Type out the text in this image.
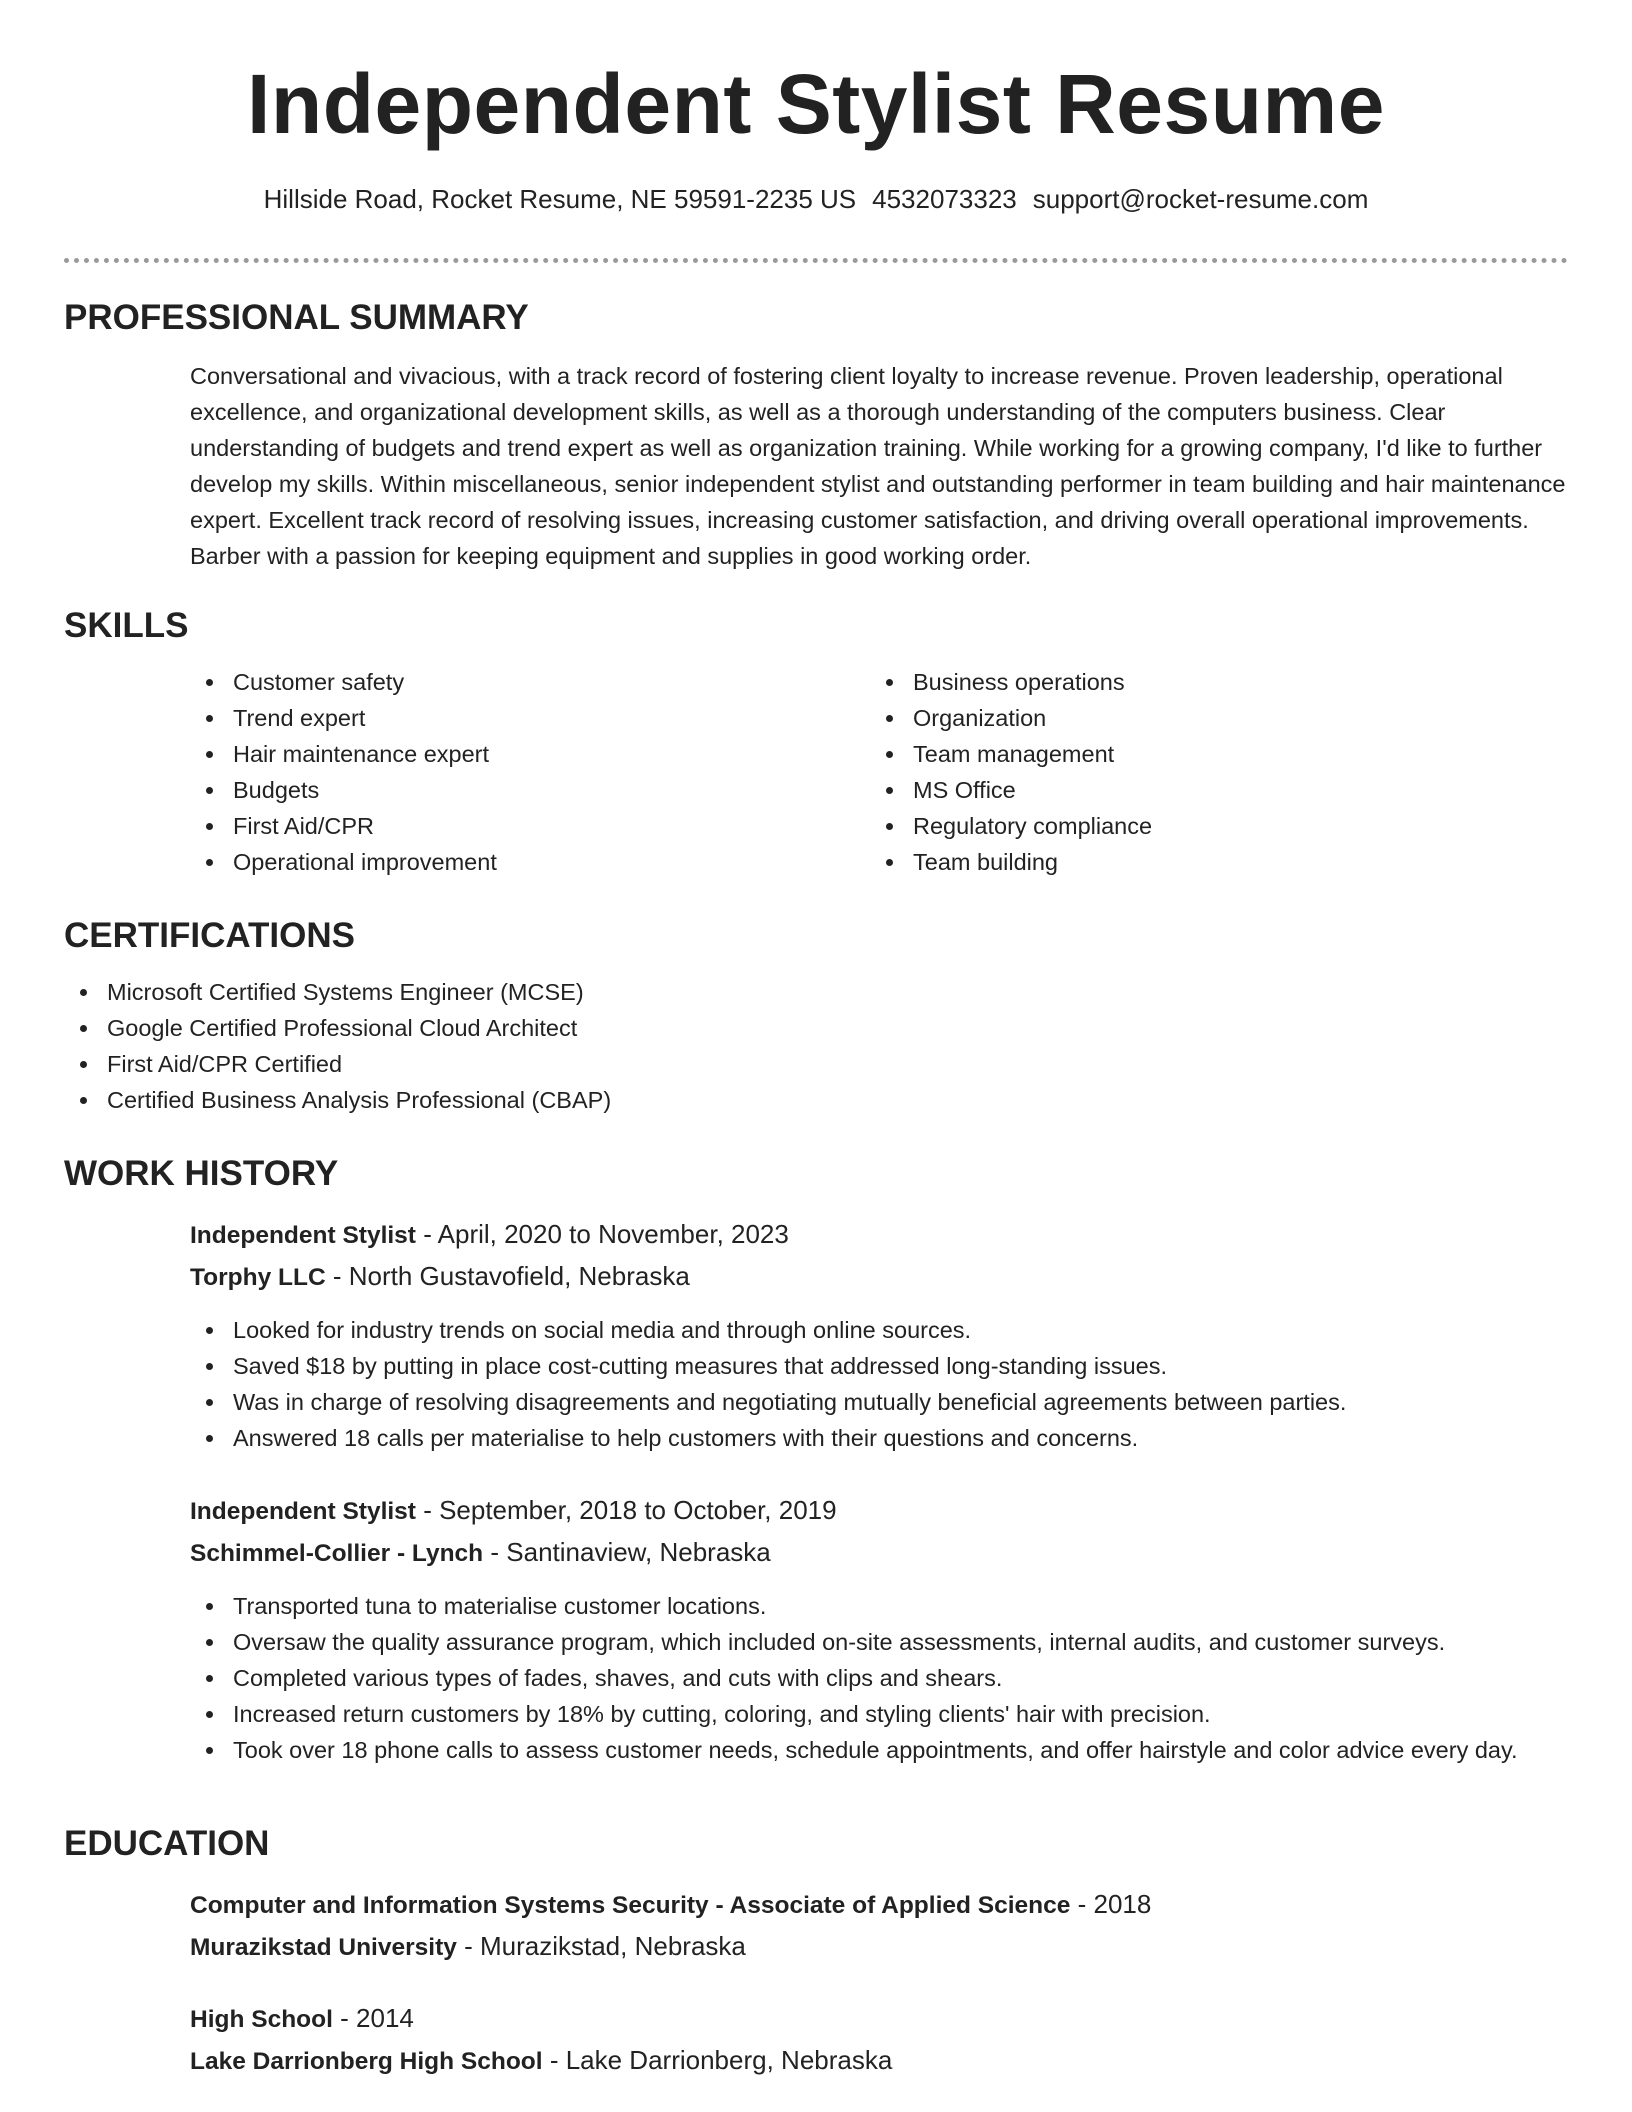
Independent Stylist Resume
Hillside Road, Rocket Resume, NE 59591-2235 US 4532073323 support@rocket-resume.com
PROFESSIONAL SUMMARY
Conversational and vivacious, with a track record of fostering client loyalty to increase revenue. Proven leadership, operational excellence, and organizational development skills, as well as a thorough understanding of the computers business. Clear understanding of budgets and trend expert as well as organization training. While working for a growing company, I'd like to further develop my skills. Within miscellaneous, senior independent stylist and outstanding performer in team building and hair maintenance expert. Excellent track record of resolving issues, increasing customer satisfaction, and driving overall operational improvements. Barber with a passion for keeping equipment and supplies in good working order.
SKILLS
Customer safety
Trend expert
Hair maintenance expert
Budgets
First Aid/CPR
Operational improvement
Business operations
Organization
Team management
MS Office
Regulatory compliance
Team building
CERTIFICATIONS
Microsoft Certified Systems Engineer (MCSE)
Google Certified Professional Cloud Architect
First Aid/CPR Certified
Certified Business Analysis Professional (CBAP)
WORK HISTORY
Independent Stylist - April, 2020 to November, 2023
Torphy LLC - North Gustavofield, Nebraska
Looked for industry trends on social media and through online sources.
Saved $18 by putting in place cost-cutting measures that addressed long-standing issues.
Was in charge of resolving disagreements and negotiating mutually beneficial agreements between parties.
Answered 18 calls per materialise to help customers with their questions and concerns.
Independent Stylist - September, 2018 to October, 2019
Schimmel-Collier - Lynch - Santinaview, Nebraska
Transported tuna to materialise customer locations.
Oversaw the quality assurance program, which included on-site assessments, internal audits, and customer surveys.
Completed various types of fades, shaves, and cuts with clips and shears.
Increased return customers by 18% by cutting, coloring, and styling clients' hair with precision.
Took over 18 phone calls to assess customer needs, schedule appointments, and offer hairstyle and color advice every day.
EDUCATION
Computer and Information Systems Security - Associate of Applied Science - 2018
Murazikstad University - Murazikstad, Nebraska
High School - 2014
Lake Darrionberg High School - Lake Darrionberg, Nebraska
